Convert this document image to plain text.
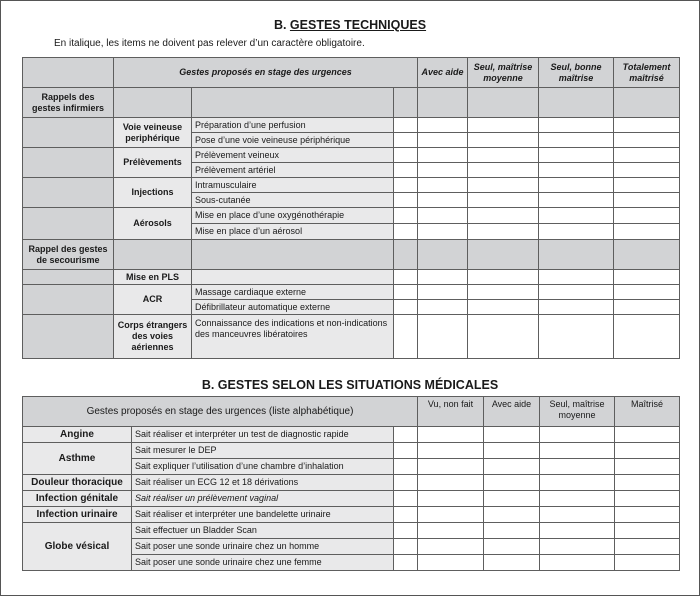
B. GESTES TECHNIQUES
En italique, les items ne doivent pas relever d’un caractère obligatoire.
	Gestes proposés en stage des urgences			Avec aide	Seul, maîtrise moyenne	Seul, bonne maîtrise	Totalement maîtrisé
Rappels des gestes infirmiers							
	Voie veineuse periphérique	Préparation d’une perfusion					
		Pose d’une voie veineuse périphérique					
	Prélèvements	Prélèvement veineux					
		Prélèvement artériel					
	Injections	Intramusculaire					
		Sous-cutanée					
	Aérosols	Mise en place d’une oxygénothérapie					
		Mise en place d’un aérosol					
Rappel des gestes de secourisme							
	Mise en PLS						
	ACR	Massage cardiaque externe					
		Défibrillateur automatique externe					
	Corps étrangers des voies aériennes	Connaissance des indications et non-indications des manceuvres libératoires					
B. GESTES SELON LES SITUATIONS MÉDICALES
Gestes proposés en stage des urgences (liste alphabétique)			Vu, non fait	Avec aide	Seul, maîtrise moyenne	Maîtrisé
Angine	Sait réaliser et interpréter un test de diagnostic rapide					
Asthme	Sait mesurer le DEP					
	Sait expliquer l’utilisation d’une chambre d’inhalation					
Douleur thoracique	Sait réaliser un ECG 12 et 18 dérivations					
Infection génitale	Sait réaliser un prélèvement vaginal					
Infection urinaire	Sait réaliser et interpréter une bandelette urinaire					
Globe vésical	Sait effectuer un Bladder Scan					
	Sait poser une sonde urinaire chez un homme					
	Sait poser une sonde urinaire chez une femme					
